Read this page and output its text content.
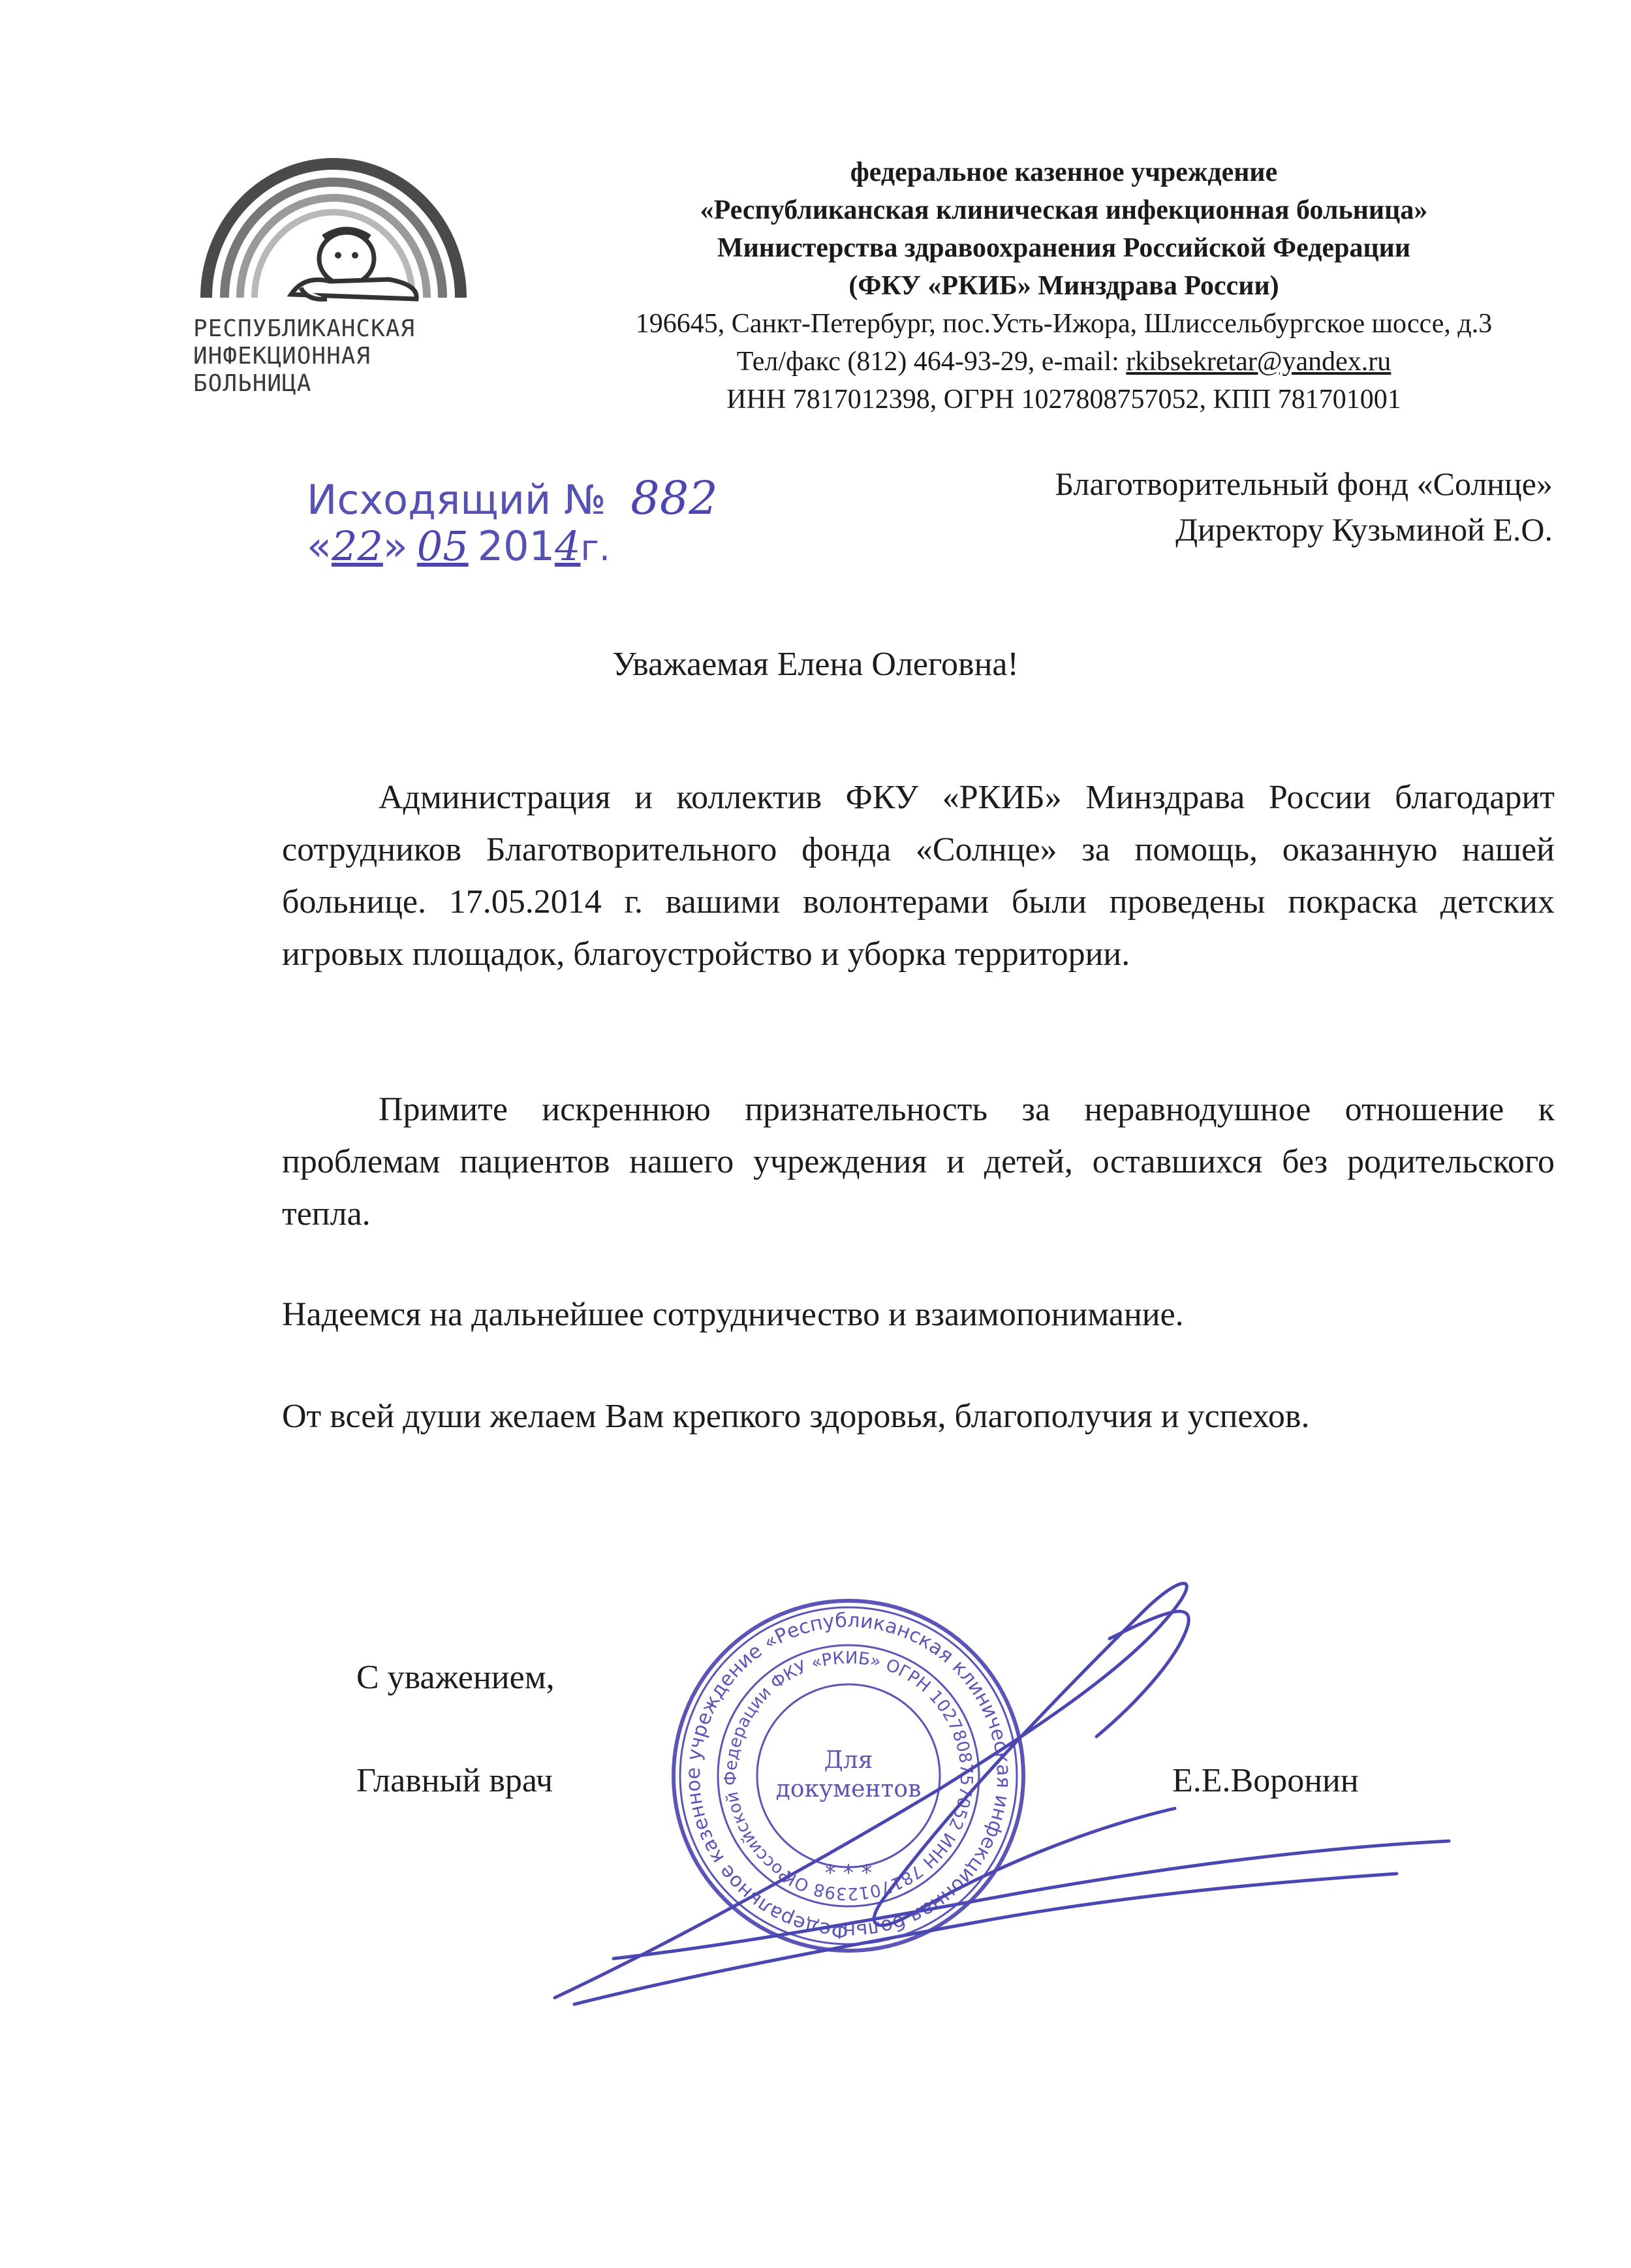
РЕСПУБЛИКАНСКАЯ
ИНФЕКЦИОННАЯ
БОЛЬНИЦА
федеральное казенное учреждение
«Республиканская клиническая инфекционная больница»
Министерства здравоохранения Российской Федерации
(ФКУ «РКИБ» Минздрава России)
196645, Санкт-Петербург, пос.Усть-Ижора, Шлиссельбургское шоссе, д.3
Тел/факс (812) 464-93-29, e-mail: rkibsekretar@yandex.ru
ИНН 7817012398, ОГРН 1027808757052, КПП 781701001
Исходящий № 882
«22» 05 2014г.
Благотворительный фонд «Солнце»
Директору Кузьминой Е.О.
Уважаемая Елена Олеговна!
Администрация и коллектив ФКУ «РКИБ» Минздрава России благодарит сотрудников Благотворительного фонда «Солнце» за помощь, оказанную нашей больнице. 17.05.2014 г. вашими волонтерами были проведены покраска детских игровых площадок, благоустройство и уборка территории.
Примите искреннюю признательность за неравнодушное отношение к проблемам пациентов нашего учреждения и детей, оставшихся без родительского тепла.
Надеемся на дальнейшее сотрудничество и взаимопонимание.
От всей души желаем Вам крепкого здоровья, благополучия и успехов.
С уважением,
Главный врач	Е.Е.Воронин
Федеральное казенное учреждение «Республиканская клиническая инфекционная больн
Российской Федерации ФКУ «РКИБ» ОГРН 1027808757052 ИНН 7817012398 ОКПО
Для
документов
* * *
